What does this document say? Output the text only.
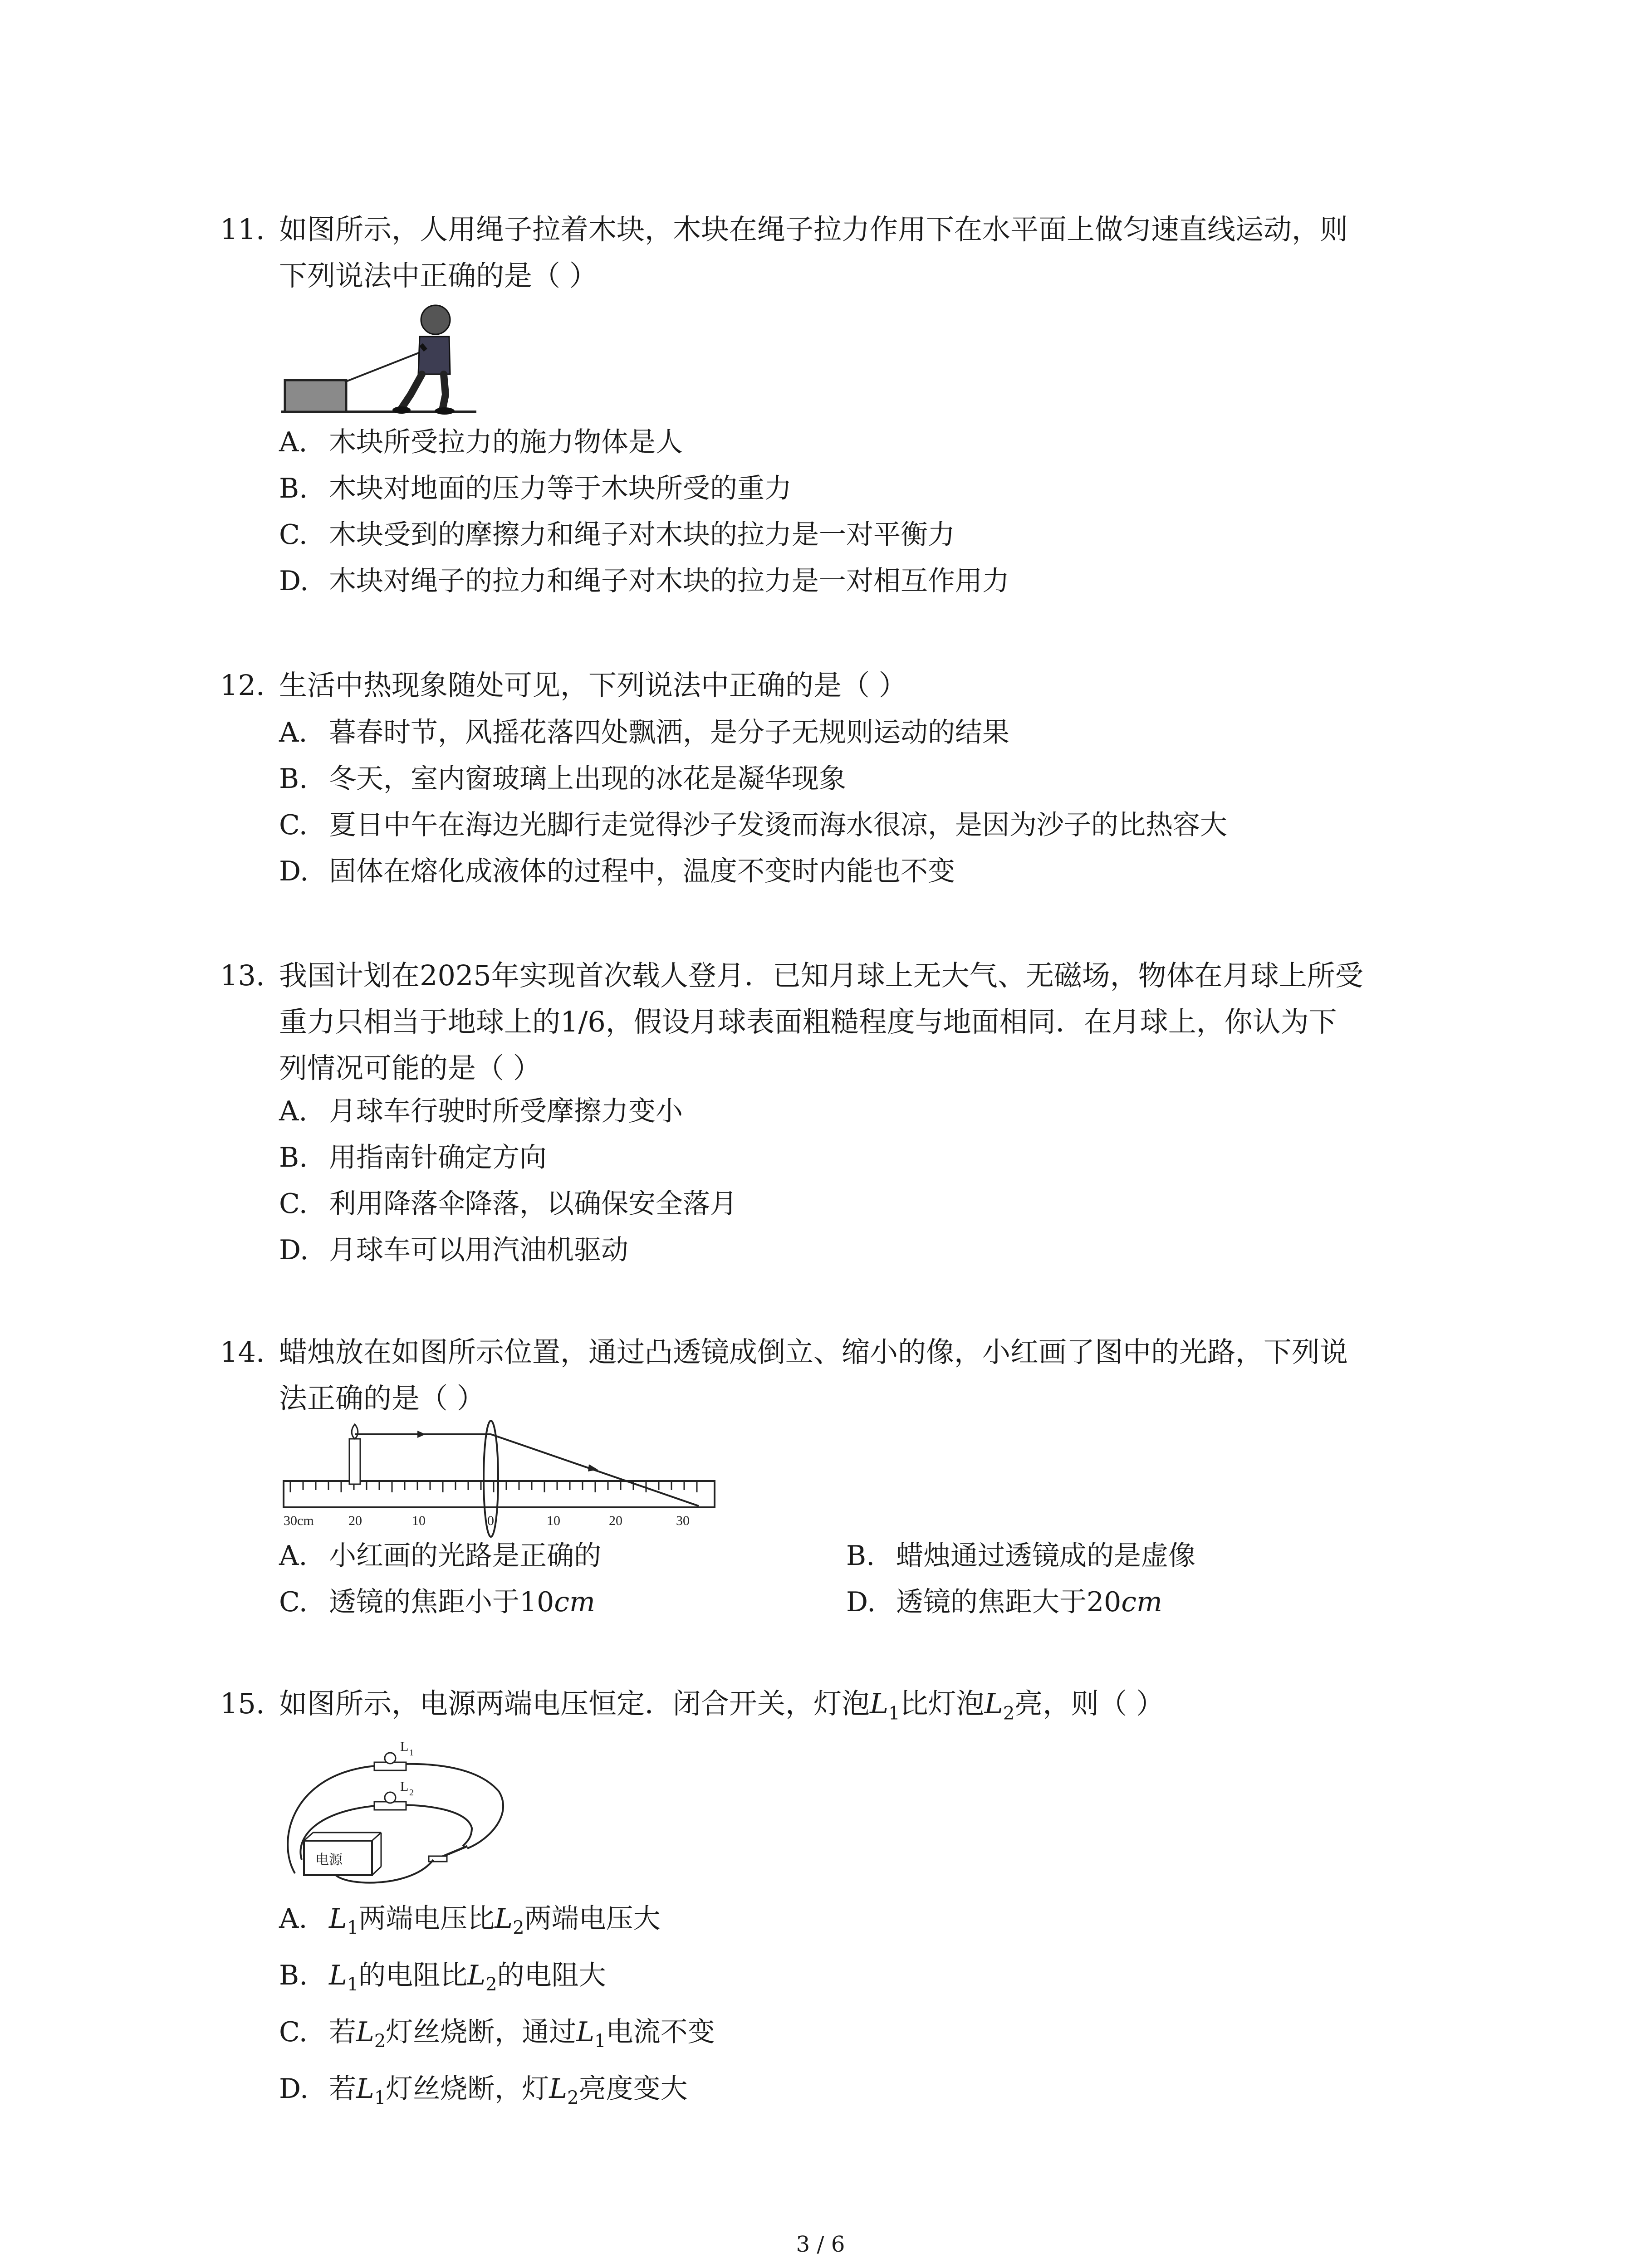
11. 如图所示，人用绳子拉着木块，木块在绳子拉力作用下在水平面上做匀速直线运动，则
下列说法中正确的是（ ）
A. 木块所受拉力的施力物体是人
B. 木块对地面的压力等于木块所受的重力
C. 木块受到的摩擦力和绳子对木块的拉力是一对平衡力
D. 木块对绳子的拉力和绳子对木块的拉力是一对相互作用力
12. 生活中热现象随处可见，下列说法中正确的是（ ）
A. 暮春时节，风摇花落四处飘洒，是分子无规则运动的结果
B. 冬天，室内窗玻璃上出现的冰花是凝华现象
C. 夏日中午在海边光脚行走觉得沙子发烫而海水很凉，是因为沙子的比热容大
D. 固体在熔化成液体的过程中，温度不变时内能也不变
13. 我国计划在2025年实现首次载人登月．已知月球上无大气、无磁场，物体在月球上所受
重力只相当于地球上的1/6，假设月球表面粗糙程度与地面相同．在月球上，你认为下
列情况可能的是（ ）
A. 月球车行驶时所受摩擦力变小
B. 用指南针确定方向
C. 利用降落伞降落，以确保安全落月
D. 月球车可以用汽油机驱动
14. 蜡烛放在如图所示位置，通过凸透镜成倒立、缩小的像，小红画了图中的光路，下列说
法正确的是（ ）
30cm	20	10	0	10	20	30
A. 小红画的光路是正确的	B. 蜡烛通过透镜成的是虚像
C. 透镜的焦距小于10cm	D. 透镜的焦距大于20cm
15. 如图所示，电源两端电压恒定．闭合开关，灯泡$L_1$比灯泡$L_2$亮，则（ ）
L 1
L 2
电源
A. $L_1$两端电压比$L_2$两端电压大
B. $L_1$的电阻比$L_2$的电阻大
C. 若$L_2$灯丝烧断，通过$L_1$电流不变
D. 若$L_1$灯丝烧断，灯$L_2$亮度变大
3 / 6
